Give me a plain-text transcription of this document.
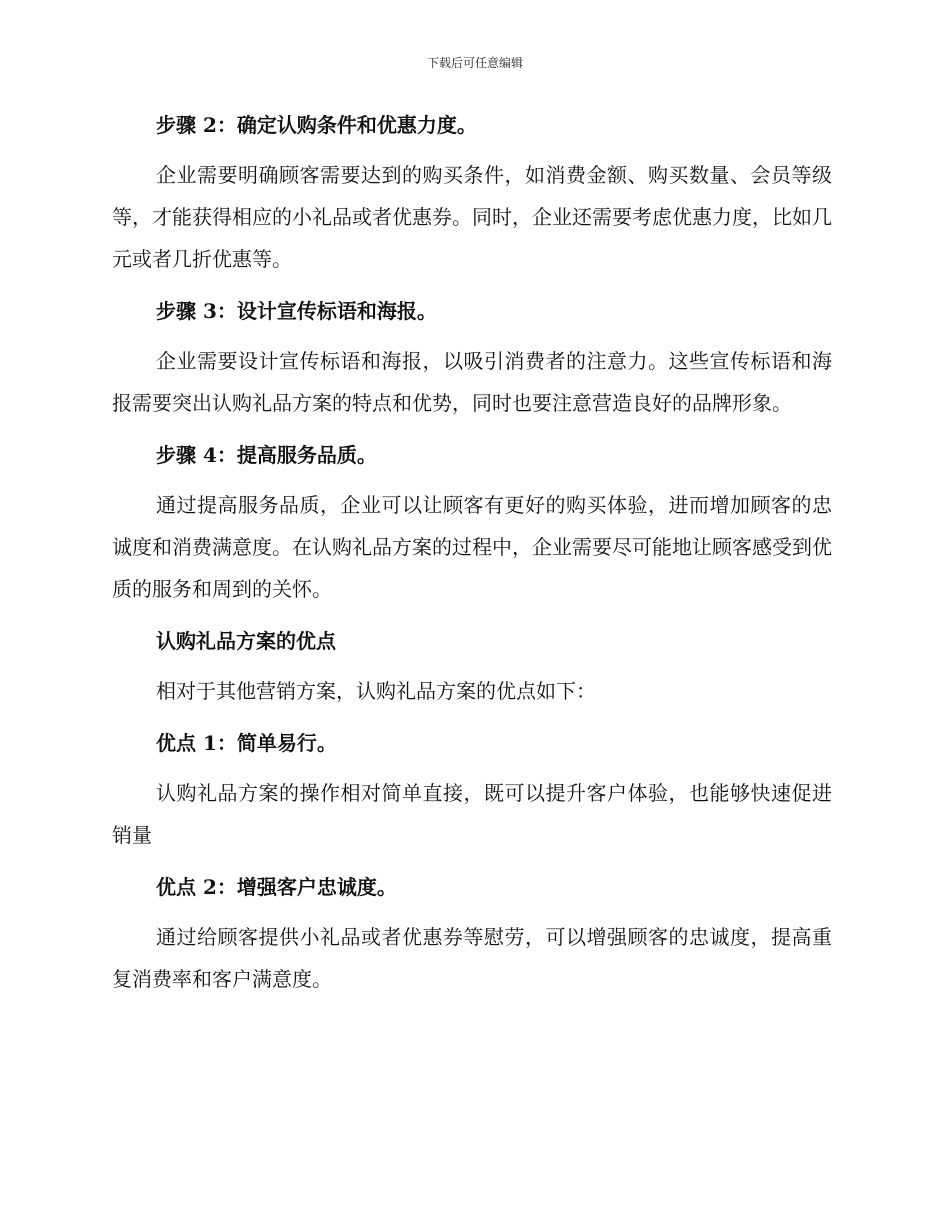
下载后可任意编辑
步骤 2：确定认购条件和优惠力度。
企业需要明确顾客需要达到的购买条件，如消费金额、购买数量、会员等级等，才能获得相应的小礼品或者优惠券。同时，企业还需要考虑优惠力度，比如几元或者几折优惠等。
步骤 3：设计宣传标语和海报。
企业需要设计宣传标语和海报，以吸引消费者的注意力。这些宣传标语和海报需要突出认购礼品方案的特点和优势，同时也要注意营造良好的品牌形象。
步骤 4：提高服务品质。
通过提高服务品质，企业可以让顾客有更好的购买体验，进而增加顾客的忠诚度和消费满意度。在认购礼品方案的过程中，企业需要尽可能地让顾客感受到优质的服务和周到的关怀。
认购礼品方案的优点
相对于其他营销方案，认购礼品方案的优点如下：
优点 1：简单易行。
认购礼品方案的操作相对简单直接，既可以提升客户体验，也能够快速促进销量
优点 2：增强客户忠诚度。
通过给顾客提供小礼品或者优惠券等慰劳，可以增强顾客的忠诚度，提高重复消费率和客户满意度。
